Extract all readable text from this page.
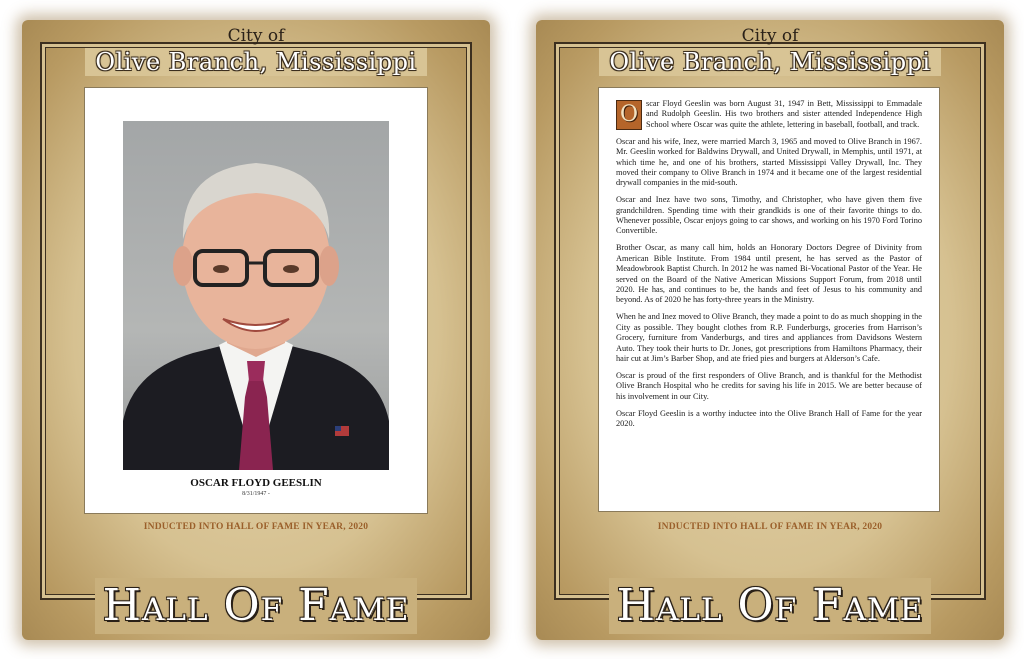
City of
Olive Branch, Mississippi
OSCAR FLOYD GEESLIN
8/31/1947 -
INDUCTED INTO HALL OF FAME IN YEAR, 2020
Hall Of Fame
City of
Olive Branch, Mississippi

O scar Floyd Geeslin was born August 31, 1947 in Bett, Mississippi to Emmadale and Rudolph Geeslin. His two brothers and sister attended Independence High School where Oscar was quite the athlete, lettering in baseball, football, and track.

Oscar and his wife, Inez, were married March 3, 1965 and moved to Olive Branch in 1967. Mr. Geeslin worked for Baldwins Drywall, and United Drywall, in Memphis, until 1971, at which time he, and one of his brothers, started Mississippi Valley Drywall, Inc. They moved their company to Olive Branch in 1974 and it became one of the largest residential drywall companies in the mid-south.

Oscar and Inez have two sons, Timothy, and Christopher, who have given them five grandchildren. Spending time with their grandkids is one of their favorite things to do. Whenever possible, Oscar enjoys going to car shows, and working on his 1970 Ford Torino Convertible.

Brother Oscar, as many call him, holds an Honorary Doctors Degree of Divinity from American Bible Institute. From 1984 until present, he has served as the Pastor of Meadowbrook Baptist Church. In 2012 he was named Bi-Vocational Pastor of the Year. He served on the Board of the Native American Missions Support Forum, from 2018 until 2020. He has, and continues to be, the hands and feet of Jesus to his community and beyond. As of 2020 he has forty-three years in the Ministry.

When he and Inez moved to Olive Branch, they made a point to do as much shopping in the City as possible. They bought clothes from R.P. Funderburgs, groceries from Harrison’s Grocery, furniture from Vanderburgs, and tires and appliances from Davidsons Western Auto. They took their hurts to Dr. Jones, got prescriptions from Hamiltons Pharmacy, their hair cut at Jim’s Barber Shop, and ate fried pies and burgers at Alderson’s Cafe.

Oscar is proud of the first responders of Olive Branch, and is thankful for the Methodist Olive Branch Hospital who he credits for saving his life in 2015. We are better because of his involvement in our City.

Oscar Floyd Geeslin is a worthy inductee into the Olive Branch Hall of Fame for the year 2020.

INDUCTED INTO HALL OF FAME IN YEAR, 2020
Hall Of Fame
